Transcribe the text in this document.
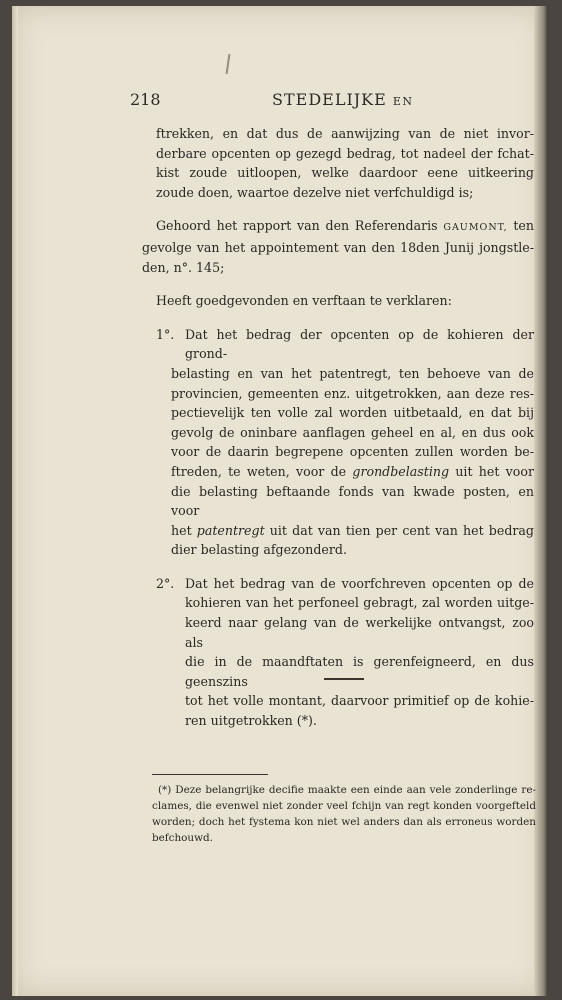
218	STEDELIJKE EN

ftrekken, en dat dus de aanwijzing van de niet invor-
derbare opcenten op gezegd bedrag, tot nadeel der fchat-
kist zoude uitloopen, welke daardoor eene uitkeering
zoude doen, waartoe dezelve niet verfchuldigd is;

Gehoord het rapport van den Referendaris GAUMONT, ten
gevolge van het appointement van den 18den Junij jongstle-
den, n°. 145;

Heeft goedgevonden en verftaan te verklaren:

1°. Dat het bedrag der opcenten op de kohieren der grond-
belasting en van het patentregt, ten behoeve van de
provincien, gemeenten enz. uitgetrokken, aan deze res-
pectievelijk ten volle zal worden uitbetaald, en dat bij
gevolg de oninbare aanflagen geheel en al, en dus ook
voor de daarin begrepene opcenten zullen worden be-
ftreden, te weten, voor de grondbelasting uit het voor
die belasting beftaande fonds van kwade posten, en voor
het patentregt uit dat van tien per cent van het bedrag
dier belasting afgezonderd.
2°. Dat het bedrag van de voorfchreven opcenten op de
kohieren van het perfoneel gebragt, zal worden uitge-
keerd naar gelang van de werkelijke ontvangst, zoo als
die in de maandftaten is gerenfeigneerd, en dus geenszins
tot het volle montant, daarvoor primitief op de kohie-
ren uitgetrokken (*).
(*) Deze belangrijke decifie maakte een einde aan vele zonderlinge re-
clames, die evenwel niet zonder veel fchijn van regt konden voorgefteld
worden; doch het fystema kon niet wel anders dan als erroneus worden
befchouwd.
